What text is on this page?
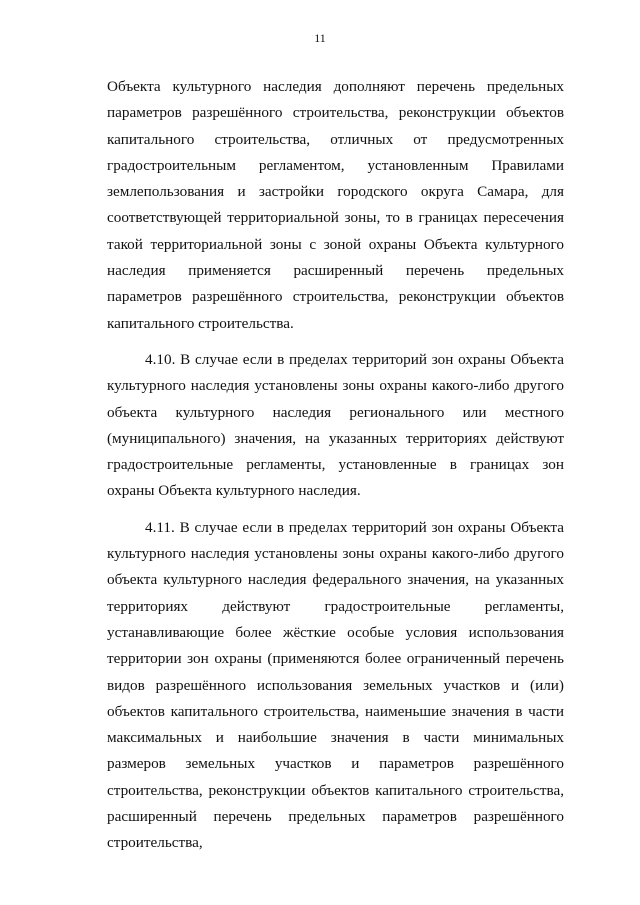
11

Объекта культурного наследия дополняют перечень предельных параметров разрешённого строительства, реконструкции объектов капитального строительства, отличных от предусмотренных градостроительным регламентом, установленным Правилами землепользования и застройки городского округа Самара, для соответствующей территориальной зоны, то в границах пересечения такой территориальной зоны с зоной охраны Объекта культурного наследия применяется расширенный перечень предельных параметров разрешённого строительства, реконструкции объектов капитального строительства.

4.10. В случае если в пределах территорий зон охраны Объекта культурного наследия установлены зоны охраны какого-либо другого объекта культурного наследия регионального или местного (муниципального) значения, на указанных территориях действуют градостроительные регламенты, установленные в границах зон охраны Объекта культурного наследия.

4.11. В случае если в пределах территорий зон охраны Объекта культурного наследия установлены зоны охраны какого-либо другого объекта культурного наследия федерального значения, на указанных территориях действуют градостроительные регламенты, устанавливающие более жёсткие особые условия использования территории зон охраны (применяются более ограниченный перечень видов разрешённого использования земельных участков и (или) объектов капитального строительства, наименьшие значения в части максимальных и наибольшие значения в части минимальных размеров земельных участков и параметров разрешённого строительства, реконструкции объектов капитального строительства, расширенный перечень предельных параметров разрешённого строительства,
